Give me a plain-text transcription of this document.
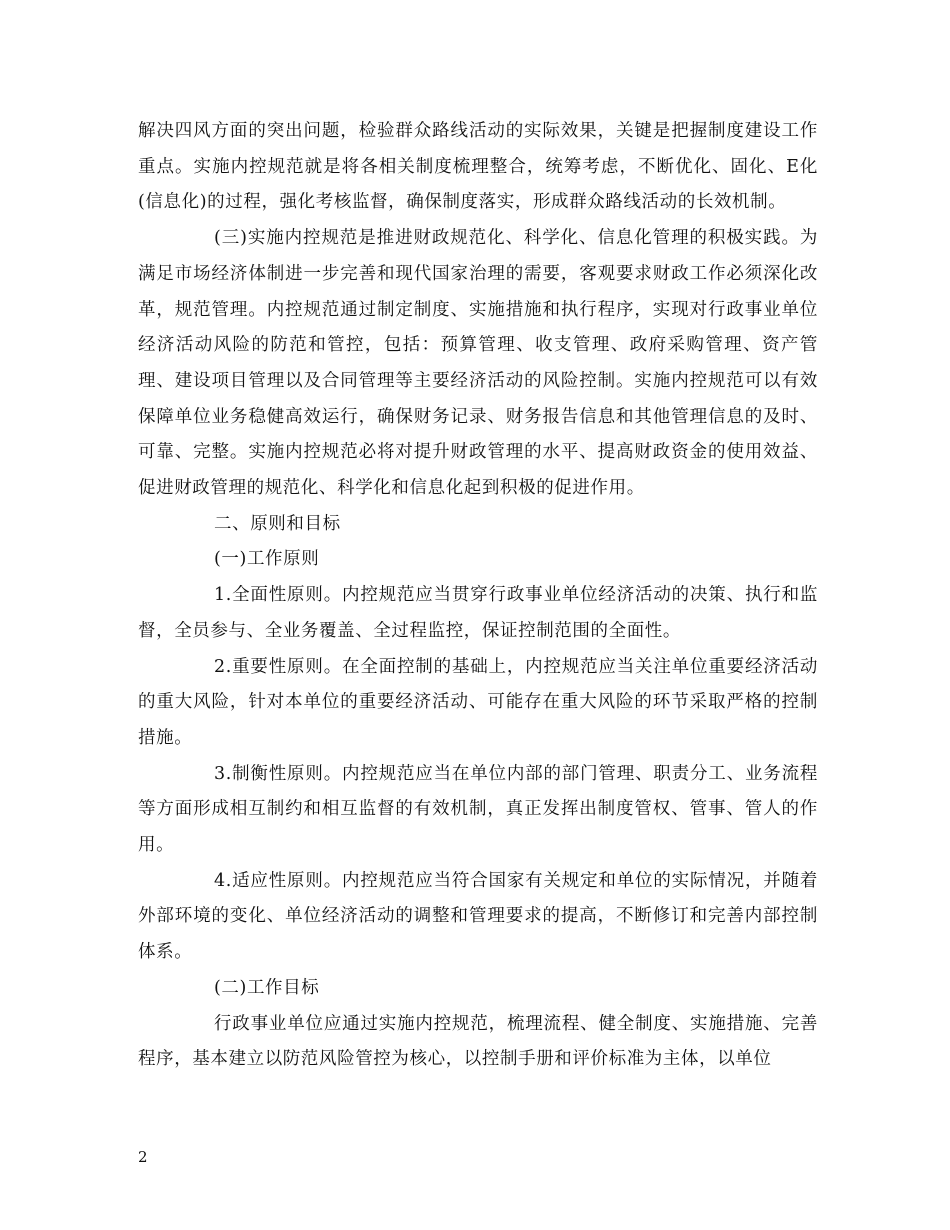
解决四风方面的突出问题，检验群众路线活动的实际效果，关键是把握制度建设工作重点。实施内控规范就是将各相关制度梳理整合，统筹考虑，不断优化、固化、E化(信息化)的过程，强化考核监督，确保制度落实，形成群众路线活动的长效机制。

(三)实施内控规范是推进财政规范化、科学化、信息化管理的积极实践。为满足市场经济体制进一步完善和现代国家治理的需要，客观要求财政工作必须深化改革，规范管理。内控规范通过制定制度、实施措施和执行程序，实现对行政事业单位经济活动风险的防范和管控，包括：预算管理、收支管理、政府采购管理、资产管理、建设项目管理以及合同管理等主要经济活动的风险控制。实施内控规范可以有效保障单位业务稳健高效运行，确保财务记录、财务报告信息和其他管理信息的及时、可靠、完整。实施内控规范必将对提升财政管理的水平、提高财政资金的使用效益、促进财政管理的规范化、科学化和信息化起到积极的促进作用。

二、原则和目标

(一)工作原则

1.全面性原则。内控规范应当贯穿行政事业单位经济活动的决策、执行和监督，全员参与、全业务覆盖、全过程监控，保证控制范围的全面性。

2.重要性原则。在全面控制的基础上，内控规范应当关注单位重要经济活动的重大风险，针对本单位的重要经济活动、可能存在重大风险的环节采取严格的控制措施。

3.制衡性原则。内控规范应当在单位内部的部门管理、职责分工、业务流程等方面形成相互制约和相互监督的有效机制，真正发挥出制度管权、管事、管人的作用。

4.适应性原则。内控规范应当符合国家有关规定和单位的实际情况，并随着外部环境的变化、单位经济活动的调整和管理要求的提高，不断修订和完善内部控制体系。

(二)工作目标

行政事业单位应通过实施内控规范，梳理流程、健全制度、实施措施、完善程序，基本建立以防范风险管控为核心，以控制手册和评价标准为主体，以单位

2
